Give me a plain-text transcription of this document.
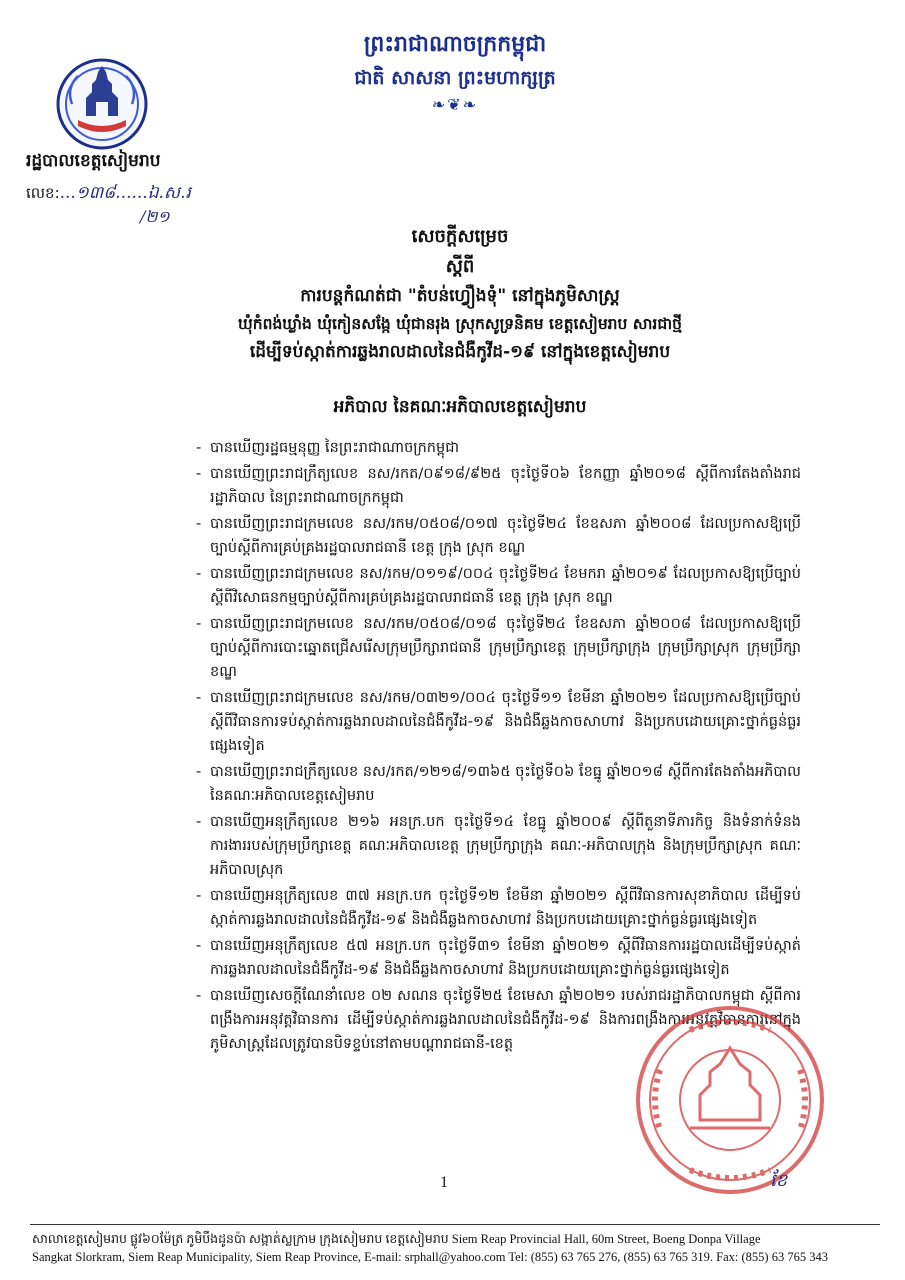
ព្រះរាជាណាចក្រកម្ពុជា
ជាតិ សាសនា ព្រះមហាក្សត្រ
❧❦❧
រដ្ឋបាលខេត្តសៀមរាប
លេខ:...១៣៨......ឯ.ស.រ
/២១
សេចក្តីសម្រេច
ស្តីពី
ការបន្តកំណត់ជា "តំបន់ហ្វឿងទុំ" នៅក្នុងភូមិសាស្ត្រ
ឃុំកំពង់ឃ្លាំង ឃុំកៀនសង្កែ ឃុំជានរុង ស្រុកសូទ្រនិគម ខេត្តសៀមរាប សារជាថ្មី
ដើម្បីទប់ស្កាត់ការឆ្លងរាលដាលនៃជំងឺកូវីដ-១៩ នៅក្នុងខេត្តសៀមរាប
អភិបាល នៃគណៈអភិបាលខេត្តសៀមរាប
- បានឃើញរដ្ឋធម្មនុញ្ញ នៃព្រះរាជាណាចក្រកម្ពុជា
- បានឃើញព្រះរាជក្រឹត្យលេខ នស/រកត/០៩១៨/៩២៥ ចុះថ្ងៃទី០៦ ខែកញ្ញា ឆ្នាំ២០១៨ ស្តីពីការតែងតាំងរាជរដ្ឋាភិបាល នៃព្រះរាជាណាចក្រកម្ពុជា
- បានឃើញព្រះរាជក្រមលេខ នស/រកម/០៥០៨/០១៧ ចុះថ្ងៃទី២៤ ខែឧសភា ឆ្នាំ២០០៨ ដែលប្រកាសឱ្យប្រើច្បាប់ស្តីពីការគ្រប់គ្រងរដ្ឋបាលរាជធានី ខេត្ត ក្រុង ស្រុក ខណ្ឌ
- បានឃើញព្រះរាជក្រមលេខ នស/រកម/០១១៩/០០៤ ចុះថ្ងៃទី២៤ ខែមករា ឆ្នាំ២០១៩ ដែលប្រកាសឱ្យប្រើច្បាប់ស្តីពីវិសោធនកម្មច្បាប់ស្តីពីការគ្រប់គ្រងរដ្ឋបាលរាជធានី ខេត្ត ក្រុង ស្រុក ខណ្ឌ
- បានឃើញព្រះរាជក្រមលេខ នស/រកម/០៥០៨/០១៨ ចុះថ្ងៃទី២៤ ខែឧសភា ឆ្នាំ២០០៨ ដែលប្រកាសឱ្យប្រើច្បាប់ស្តីពីការបោះឆ្នោតជ្រើសរើសក្រុមប្រឹក្សារាជធានី ក្រុមប្រឹក្សាខេត្ត ក្រុមប្រឹក្សាក្រុង ក្រុមប្រឹក្សាស្រុក ក្រុមប្រឹក្សាខណ្ឌ
- បានឃើញព្រះរាជក្រមលេខ នស/រកម/០៣២១/០០៤ ចុះថ្ងៃទី១១ ខែមីនា ឆ្នាំ២០២១ ដែលប្រកាសឱ្យប្រើច្បាប់ស្តីពីវិធានការទប់ស្កាត់ការឆ្លងរាលដាលនៃជំងឺកូវីដ-១៩ និងជំងឺឆ្លងកាចសាហាវ និងប្រកបដោយគ្រោះថ្នាក់ធ្ងន់ធ្ងរផ្សេងទៀត
- បានឃើញព្រះរាជក្រឹត្យលេខ នស/រកត/១២១៨/១៣៦៥ ចុះថ្ងៃទី០៦ ខែធ្នូ ឆ្នាំ២០១៨ ស្តីពីការតែងតាំងអភិបាល នៃគណៈអភិបាលខេត្តសៀមរាប
- បានឃើញអនុក្រឹត្យលេខ ២១៦ អនក្រ.បក ចុះថ្ងៃទី១៤ ខែធ្នូ ឆ្នាំ២០០៩ ស្តីពីតួនាទីភារកិច្ច និងទំនាក់ទំនងការងាររបស់ក្រុមប្រឹក្សាខេត្ត គណៈអភិបាលខេត្ត ក្រុមប្រឹក្សាក្រុង គណៈ-អភិបាលក្រុង និងក្រុមប្រឹក្សាស្រុក គណៈអភិបាលស្រុក
- បានឃើញអនុក្រឹត្យលេខ ៣៧ អនក្រ.បក ចុះថ្ងៃទី១២ ខែមីនា ឆ្នាំ២០២១ ស្តីពីវិធានការសុខាភិបាល ដើម្បីទប់ស្កាត់ការឆ្លងរាលដាលនៃជំងឺកូវីដ-១៩ និងជំងឺឆ្លងកាចសាហាវ និងប្រកបដោយគ្រោះថ្នាក់ធ្ងន់ធ្ងរផ្សេងទៀត
- បានឃើញអនុក្រឹត្យលេខ ៥៧ អនក្រ.បក ចុះថ្ងៃទី៣១ ខែមីនា ឆ្នាំ២០២១ ស្តីពីវិធានការរដ្ឋបាលដើម្បីទប់ស្កាត់ការឆ្លងរាលដាលនៃជំងឺកូវីដ-១៩ និងជំងឺឆ្លងកាចសាហាវ និងប្រកបដោយគ្រោះថ្នាក់ធ្ងន់ធ្ងរផ្សេងទៀត
- បានឃើញសេចក្តីណែនាំលេខ ០២ សណន ចុះថ្ងៃទី២៥ ខែមេសា ឆ្នាំ២០២១ របស់រាជរដ្ឋាភិបាលកម្ពុជា ស្តីពីការពង្រឹងការអនុវត្តវិធានការ ដើម្បីទប់ស្កាត់ការឆ្លងរាលដាលនៃជំងឺកូវីដ-១៩ និងការពង្រឹងការអនុវត្តវិធានការនៅក្នុងភូមិសាស្ត្រដែលត្រូវបានបិទខ្ទប់នៅតាមបណ្តារាជធានី-ខេត្ត
1	ខែ
សាលាខេត្តសៀមរាប ផ្លូវ៦០ម៉ែត្រ ភូមិបឹងដូនប៉ា សង្កាត់ស្លក្រាម ក្រុងសៀមរាប ខេត្តសៀមរាប Siem Reap Provincial Hall, 60m Street, Boeng Donpa Village
Sangkat Slorkram, Siem Reap Municipality, Siem Reap Province, E-mail: srphall@yahoo.com Tel: (855) 63 765 276, (855) 63 765 319. Fax: (855) 63 765 343
